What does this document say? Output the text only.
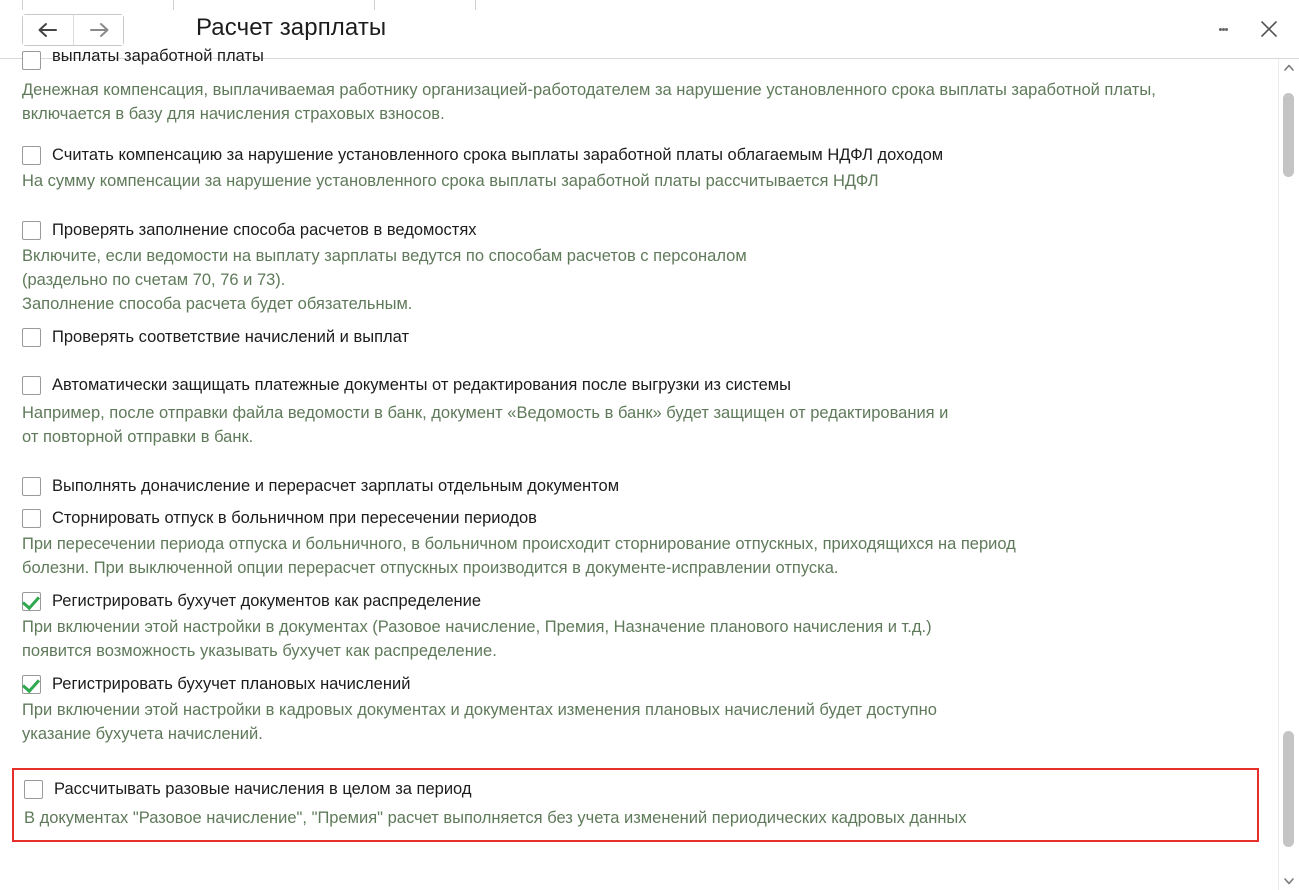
Расчет зарплаты
выплаты заработной платы
Денежная компенсация, выплачиваемая работнику организацией-работодателем за нарушение установленного срока выплаты заработной платы, включается в базу для начисления страховых взносов.
Считать компенсацию за нарушение установленного срока выплаты заработной платы облагаемым НДФЛ доходом
На сумму компенсации за нарушение установленного срока выплаты заработной платы рассчитывается НДФЛ
Проверять заполнение способа расчетов в ведомостях
Включите, если ведомости на выплату зарплаты ведутся по способам расчетов с персоналом
(раздельно по счетам 70, 76 и 73).
Заполнение способа расчета будет обязательным.
Проверять соответствие начислений и выплат
Автоматически защищать платежные документы от редактирования после выгрузки из системы
Например, после отправки файла ведомости в банк, документ «Ведомость в банк» будет защищен от редактирования и
от повторной отправки в банк.
Выполнять доначисление и перерасчет зарплаты отдельным документом
Сторнировать отпуск в больничном при пересечении периодов
При пересечении периода отпуска и больничного, в больничном происходит сторнирование отпускных, приходящихся на период
болезни. При выключенной опции перерасчет отпускных производится в документе-исправлении отпуска.
Регистрировать бухучет документов как распределение
При включении этой настройки в документах (Разовое начисление, Премия, Назначение планового начисления и т.д.)
появится возможность указывать бухучет как распределение.
Регистрировать бухучет плановых начислений
При включении этой настройки в кадровых документах и документах изменения плановых начислений будет доступно
указание бухучета начислений.
Рассчитывать разовые начисления в целом за период
В документах "Разовое начисление", "Премия" расчет выполняется без учета изменений периодических кадровых данных
